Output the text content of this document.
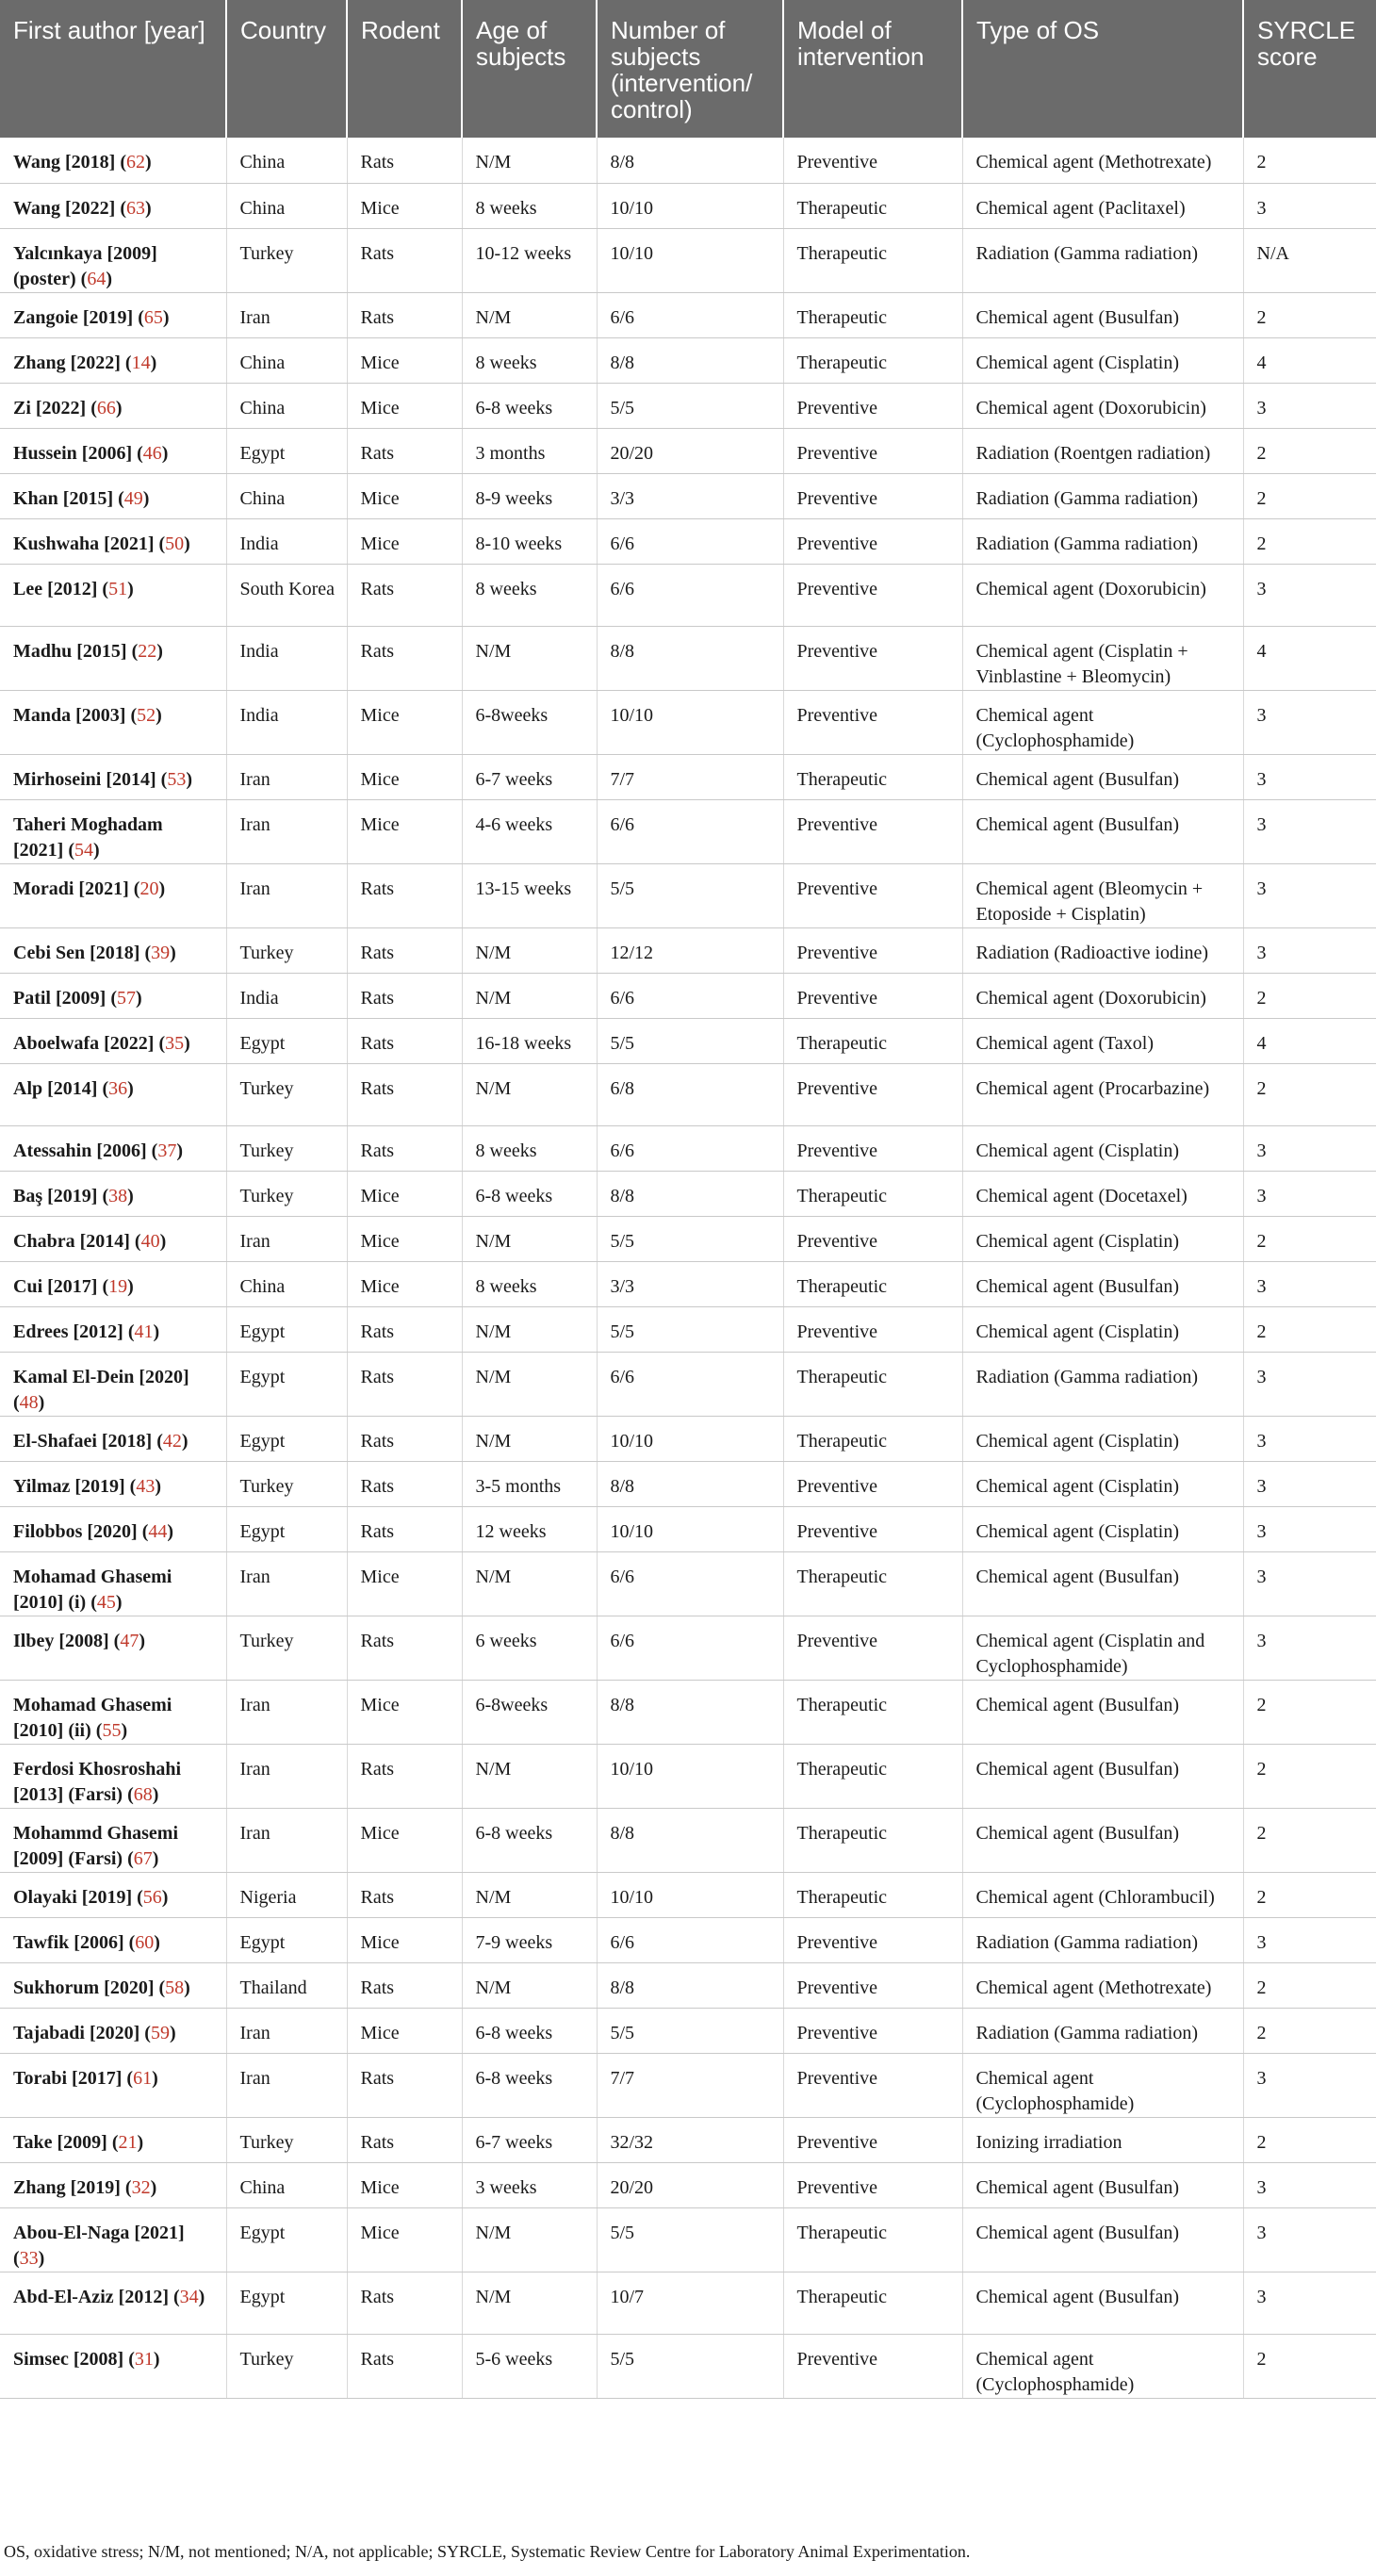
First author [year]	Country	Rodent	Age of subjects	Number of subjects (intervention/ control)	Model of intervention	Type of OS	SYRCLE score
Wang [2018] (62)	China	Rats	N/M	8/8	Preventive	Chemical agent (Methotrexate)	2
Wang [2022] (63)	China	Mice	8 weeks	10/10	Therapeutic	Chemical agent (Paclitaxel)	3
Yalcınkaya [2009] (poster) (64)	Turkey	Rats	10-12 weeks	10/10	Therapeutic	Radiation (Gamma radiation)	N/A
Zangoie [2019] (65)	Iran	Rats	N/M	6/6	Therapeutic	Chemical agent (Busulfan)	2
Zhang [2022] (14)	China	Mice	8 weeks	8/8	Therapeutic	Chemical agent (Cisplatin)	4
Zi [2022] (66)	China	Mice	6-8 weeks	5/5	Preventive	Chemical agent (Doxorubicin)	3
Hussein [2006] (46)	Egypt	Rats	3 months	20/20	Preventive	Radiation (Roentgen radiation)	2
Khan [2015] (49)	China	Mice	8-9 weeks	3/3	Preventive	Radiation (Gamma radiation)	2
Kushwaha [2021] (50)	India	Mice	8-10 weeks	6/6	Preventive	Radiation (Gamma radiation)	2
Lee [2012] (51)	South Korea	Rats	8 weeks	6/6	Preventive	Chemical agent (Doxorubicin)	3
Madhu [2015] (22)	India	Rats	N/M	8/8	Preventive	Chemical agent (Cisplatin + Vinblastine + Bleomycin)	4
Manda [2003] (52)	India	Mice	6-8weeks	10/10	Preventive	Chemical agent (Cyclophosphamide)	3
Mirhoseini [2014] (53)	Iran	Mice	6-7 weeks	7/7	Therapeutic	Chemical agent (Busulfan)	3
Taheri Moghadam [2021] (54)	Iran	Mice	4-6 weeks	6/6	Preventive	Chemical agent (Busulfan)	3
Moradi [2021] (20)	Iran	Rats	13-15 weeks	5/5	Preventive	Chemical agent (Bleomycin + Etoposide + Cisplatin)	3
Cebi Sen [2018] (39)	Turkey	Rats	N/M	12/12	Preventive	Radiation (Radioactive iodine)	3
Patil [2009] (57)	India	Rats	N/M	6/6	Preventive	Chemical agent (Doxorubicin)	2
Aboelwafa [2022] (35)	Egypt	Rats	16-18 weeks	5/5	Therapeutic	Chemical agent (Taxol)	4
Alp [2014] (36)	Turkey	Rats	N/M	6/8	Preventive	Chemical agent (Procarbazine)	2
Atessahin [2006] (37)	Turkey	Rats	8 weeks	6/6	Preventive	Chemical agent (Cisplatin)	3
Baş [2019] (38)	Turkey	Mice	6-8 weeks	8/8	Therapeutic	Chemical agent (Docetaxel)	3
Chabra [2014] (40)	Iran	Mice	N/M	5/5	Preventive	Chemical agent (Cisplatin)	2
Cui [2017] (19)	China	Mice	8 weeks	3/3	Therapeutic	Chemical agent (Busulfan)	3
Edrees [2012] (41)	Egypt	Rats	N/M	5/5	Preventive	Chemical agent (Cisplatin)	2
Kamal El-Dein [2020] (48)	Egypt	Rats	N/M	6/6	Therapeutic	Radiation (Gamma radiation)	3
El-Shafaei [2018] (42)	Egypt	Rats	N/M	10/10	Therapeutic	Chemical agent (Cisplatin)	3
Yilmaz [2019] (43)	Turkey	Rats	3-5 months	8/8	Preventive	Chemical agent (Cisplatin)	3
Filobbos [2020] (44)	Egypt	Rats	12 weeks	10/10	Preventive	Chemical agent (Cisplatin)	3
Mohamad Ghasemi [2010] (i) (45)	Iran	Mice	N/M	6/6	Therapeutic	Chemical agent (Busulfan)	3
Ilbey [2008] (47)	Turkey	Rats	6 weeks	6/6	Preventive	Chemical agent (Cisplatin and Cyclophosphamide)	3
Mohamad Ghasemi [2010] (ii) (55)	Iran	Mice	6-8weeks	8/8	Therapeutic	Chemical agent (Busulfan)	2
Ferdosi Khosroshahi [2013] (Farsi) (68)	Iran	Rats	N/M	10/10	Therapeutic	Chemical agent (Busulfan)	2
Mohammd Ghasemi [2009] (Farsi) (67)	Iran	Mice	6-8 weeks	8/8	Therapeutic	Chemical agent (Busulfan)	2
Olayaki [2019] (56)	Nigeria	Rats	N/M	10/10	Therapeutic	Chemical agent (Chlorambucil)	2
Tawfik [2006] (60)	Egypt	Mice	7-9 weeks	6/6	Preventive	Radiation (Gamma radiation)	3
Sukhorum [2020] (58)	Thailand	Rats	N/M	8/8	Preventive	Chemical agent (Methotrexate)	2
Tajabadi [2020] (59)	Iran	Mice	6-8 weeks	5/5	Preventive	Radiation (Gamma radiation)	2
Torabi [2017] (61)	Iran	Rats	6-8 weeks	7/7	Preventive	Chemical agent (Cyclophosphamide)	3
Take [2009] (21)	Turkey	Rats	6-7 weeks	32/32	Preventive	Ionizing irradiation	2
Zhang [2019] (32)	China	Mice	3 weeks	20/20	Preventive	Chemical agent (Busulfan)	3
Abou-El-Naga [2021] (33)	Egypt	Mice	N/M	5/5	Therapeutic	Chemical agent (Busulfan)	3
Abd-El-Aziz [2012] (34)	Egypt	Rats	N/M	10/7	Therapeutic	Chemical agent (Busulfan)	3
Simsec [2008] (31)	Turkey	Rats	5-6 weeks	5/5	Preventive	Chemical agent (Cyclophosphamide)	2
OS, oxidative stress; N/M, not mentioned; N/A, not applicable; SYRCLE, Systematic Review Centre for Laboratory Animal Experimentation.
